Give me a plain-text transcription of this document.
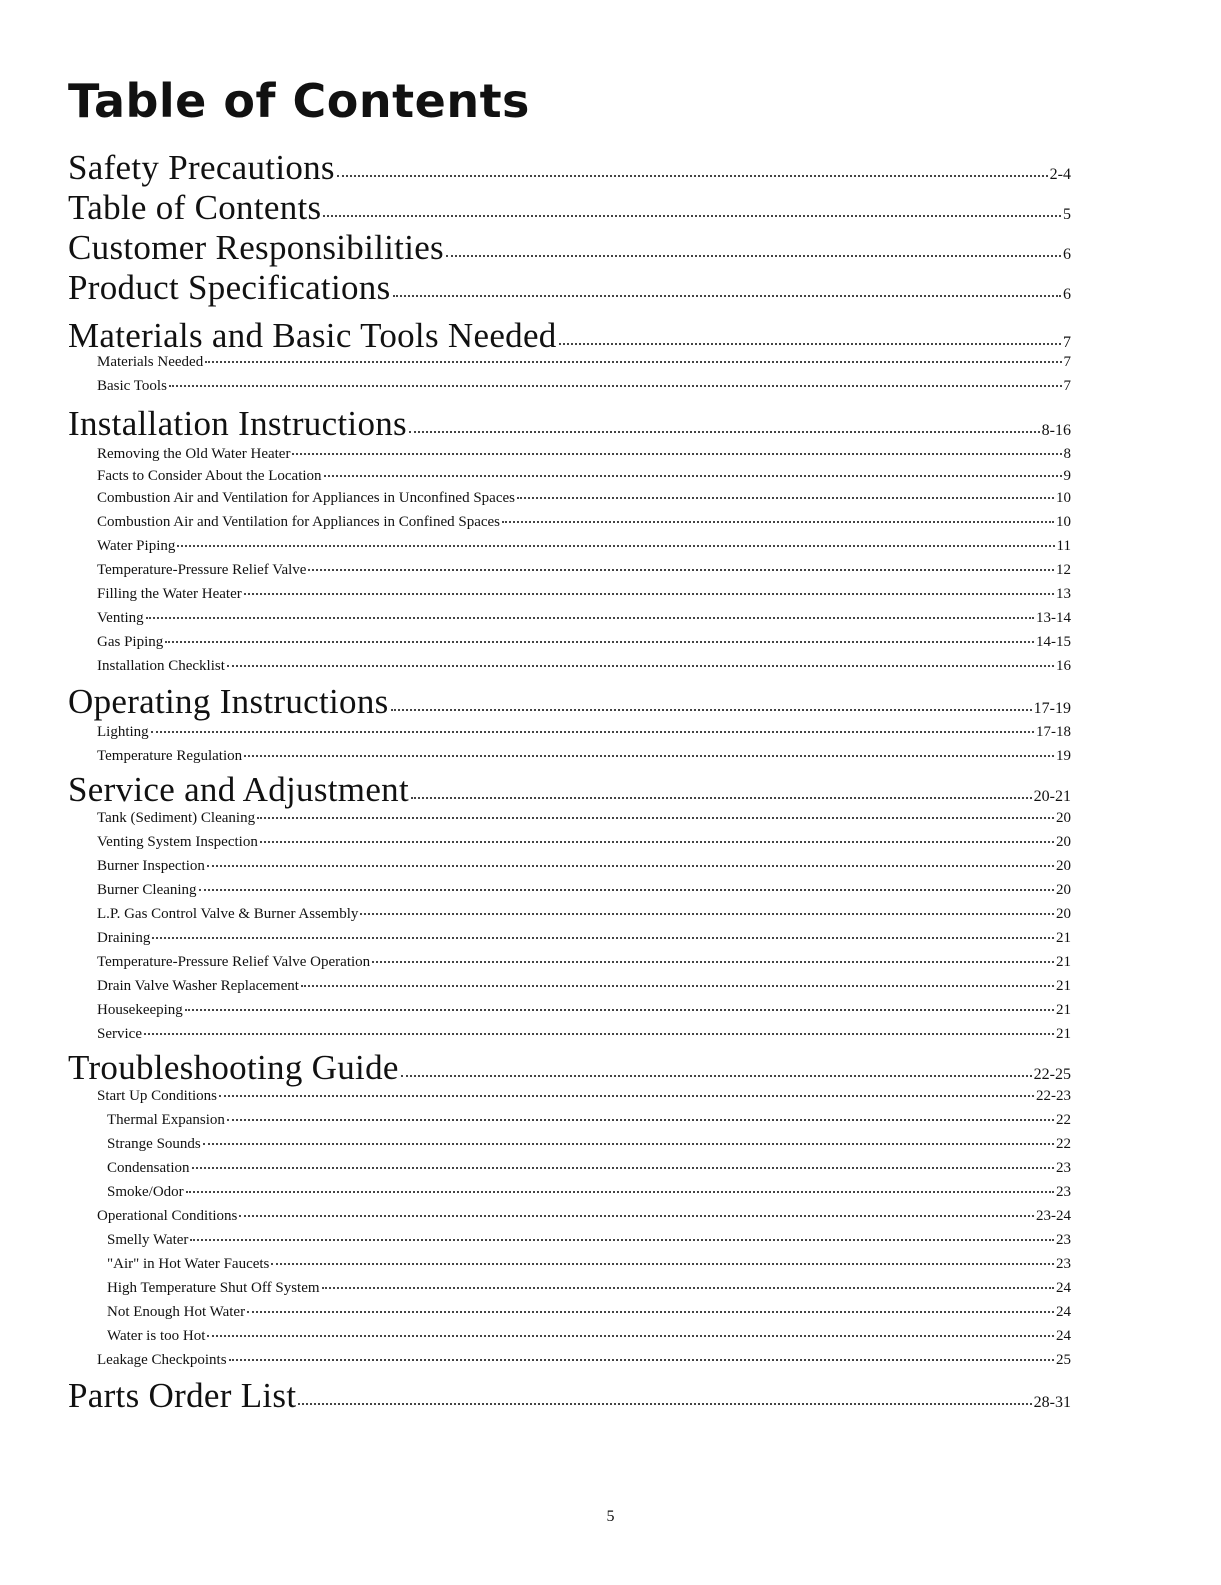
Table of Contents
Safety Precautions	2-4
Table of Contents	5
Customer Responsibilities	6
Product Specifications	6
Materials and Basic Tools Needed	7
Materials Needed	7
Basic Tools	7
Installation Instructions	8-16
Removing the Old Water Heater	8
Facts to Consider About the Location	9
Combustion Air and Ventilation for Appliances in Unconfined Spaces	10
Combustion Air and Ventilation for Appliances in Confined Spaces	10
Water Piping	11
Temperature-Pressure Relief Valve	12
Filling the Water Heater	13
Venting	13-14
Gas Piping	14-15
Installation Checklist	16
Operating Instructions	17-19
Lighting	17-18
Temperature Regulation	19
Service and Adjustment	20-21
Tank (Sediment) Cleaning	20
Venting System Inspection	20
Burner Inspection	20
Burner Cleaning	20
L.P. Gas Control Valve & Burner Assembly	20
Draining	21
Temperature-Pressure Relief Valve Operation	21
Drain Valve Washer Replacement	21
Housekeeping	21
Service	21
Troubleshooting Guide	22-25
Start Up Conditions	22-23
Thermal Expansion	22
Strange Sounds	22
Condensation	23
Smoke/Odor	23
Operational Conditions	23-24
Smelly Water	23
"Air" in Hot Water Faucets	23
High Temperature Shut Off System	24
Not Enough Hot Water	24
Water is too Hot	24
Leakage Checkpoints	25
Parts Order List	28-31
5
